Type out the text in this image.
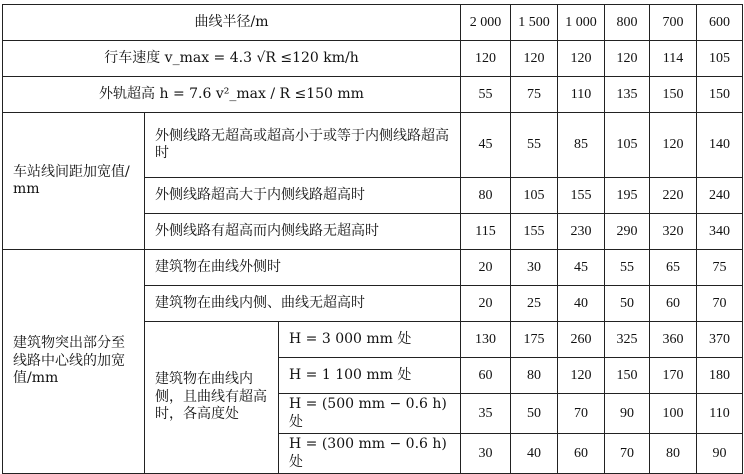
曲线半径/m			2 000	1 500	1 000	800	700	600
行车速度 v_max = 4.3 √R ≤120 km/h			120	120	120	120	114	105
外轨超高 h = 7.6 v²_max / R ≤150 mm			55	75	110	135	150	150
车站线间距加宽值/mm	外侧线路无超高或超高小于或等于内侧线路超高时		45	55	85	105	120	140
	外侧线路超高大于内侧线路超高时		80	105	155	195	220	240
	外侧线路有超高而内侧线路无超高时		115	155	230	290	320	340
建筑物突出部分至线路中心线的加宽值/mm	建筑物在曲线外侧时		20	30	45	55	65	75
	建筑物在曲线内侧、曲线无超高时		20	25	40	50	60	70
	建筑物在曲线内侧，且曲线有超高时，各高度处	H = 3 000 mm 处	130	175	260	325	360	370
		H = 1 100 mm 处	60	80	120	150	170	180
		H = (500 mm − 0.6 h) 处	35	50	70	90	100	110
		H = (300 mm − 0.6 h) 处	30	40	60	70	80	90
